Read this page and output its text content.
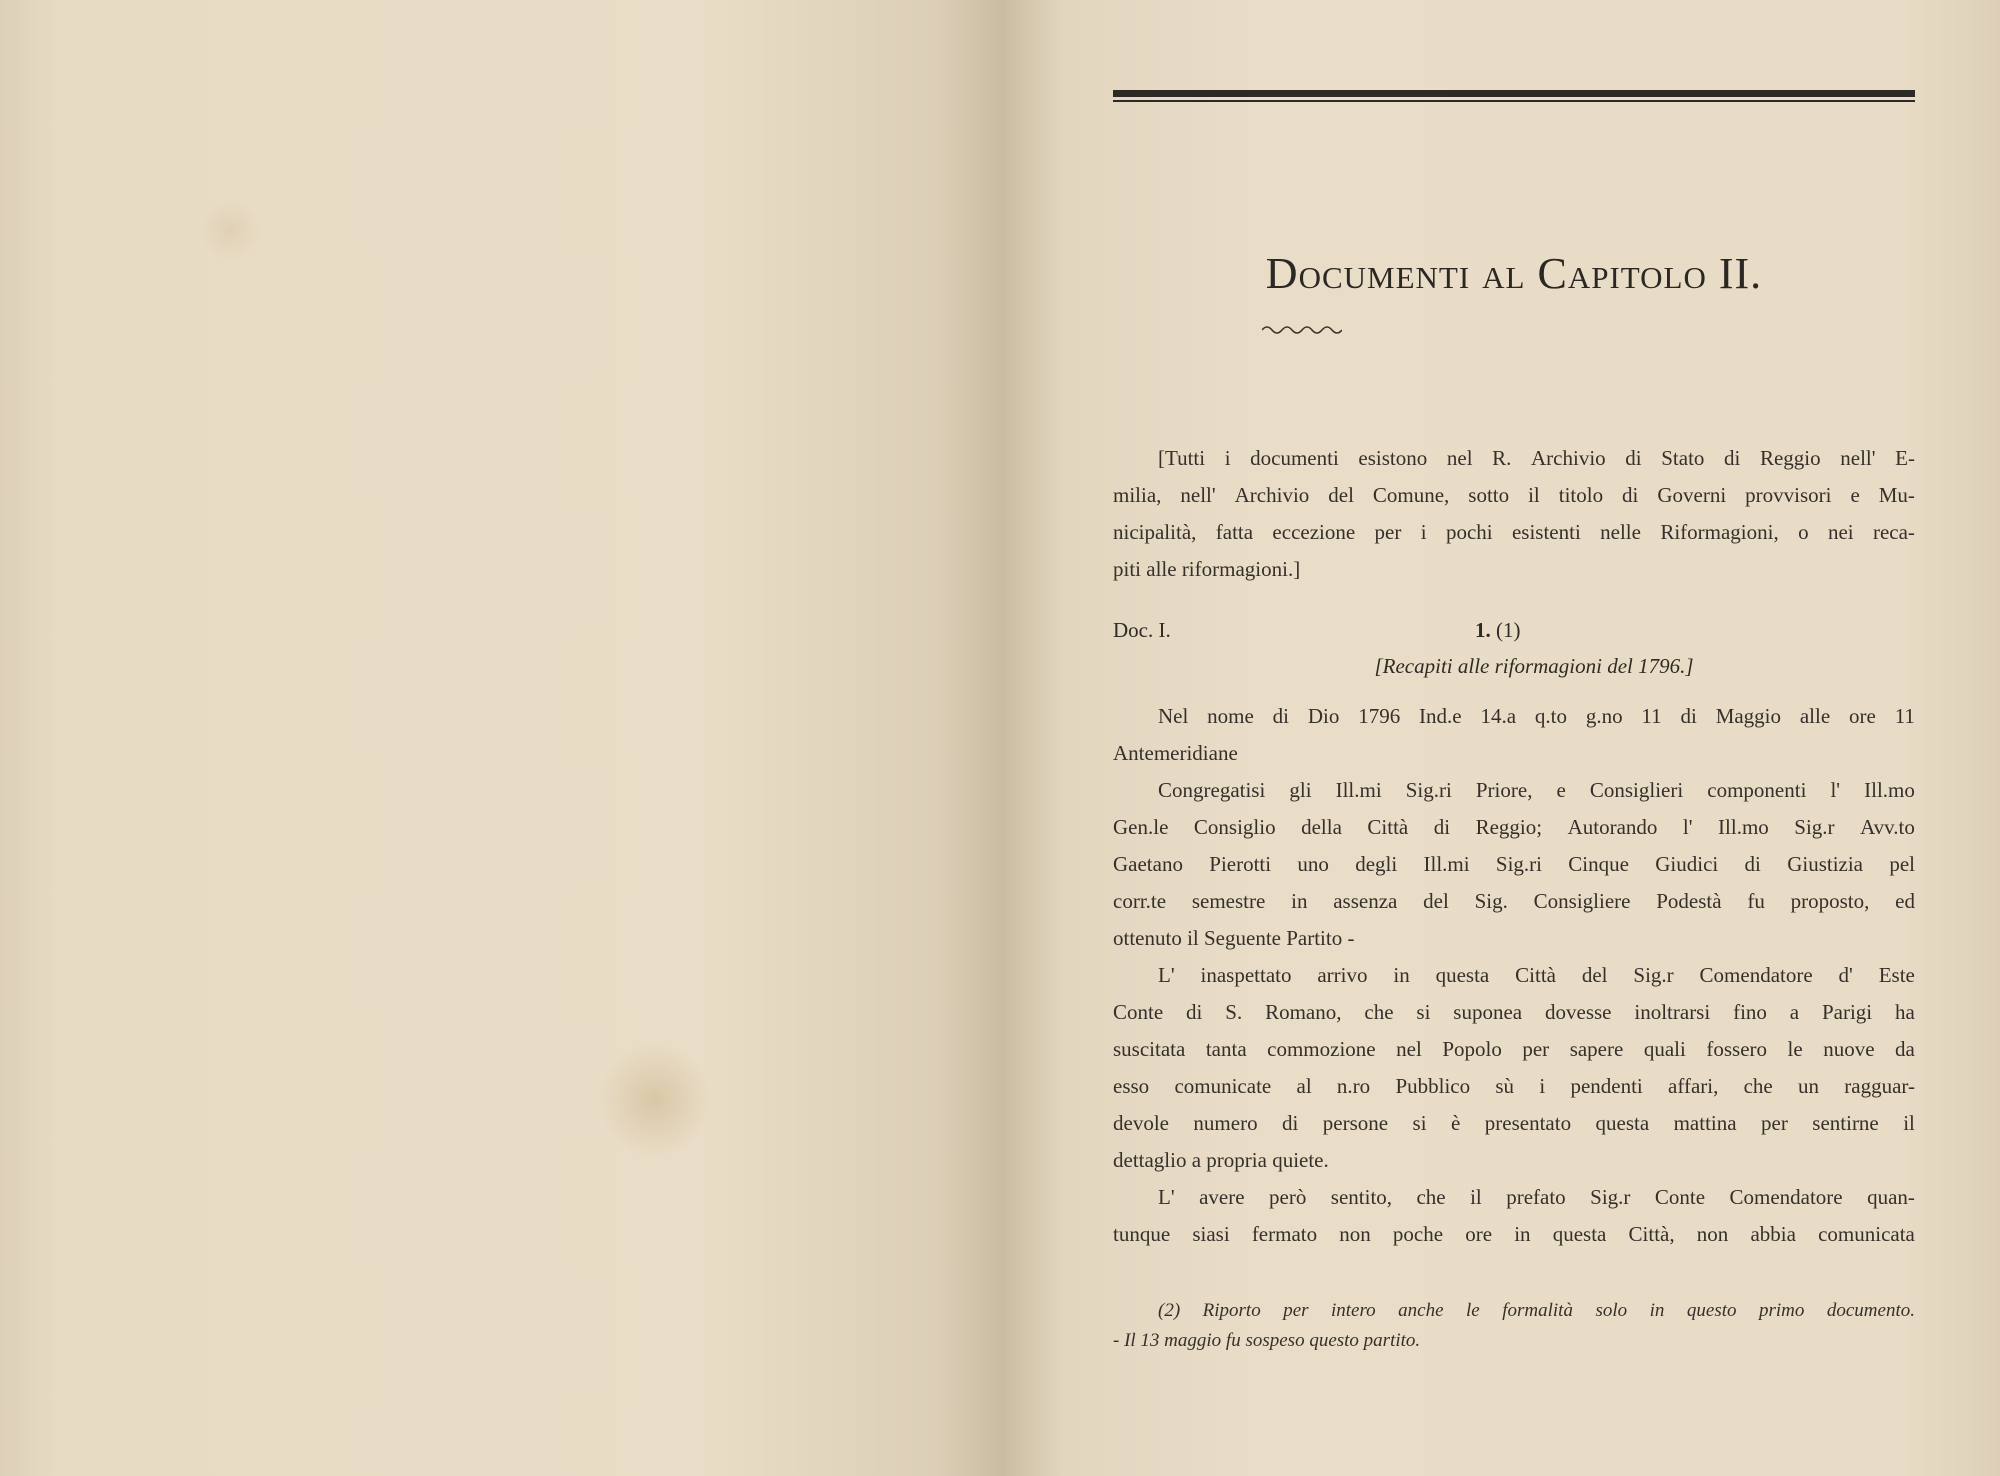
Documenti al Capitolo II.
[Tutti i documenti esistono nel R. Archivio di Stato di Reggio nell' E-
milia, nell' Archivio del Comune, sotto il titolo di Governi provvisori e Mu-
nicipalità, fatta eccezione per i pochi esistenti nelle Riformagioni, o nei reca-
piti alle riformagioni.]
Doc. I.	1. (1)
[Recapiti alle riformagioni del 1796.]
Nel nome di Dio 1796 Ind.e 14.a q.to g.no 11 di Maggio alle ore 11
Antemeridiane
Congregatisi gli Ill.mi Sig.ri Priore, e Consiglieri componenti l' Ill.mo
Gen.le Consiglio della Città di Reggio; Autorando l' Ill.mo Sig.r Avv.to
Gaetano Pierotti uno degli Ill.mi Sig.ri Cinque Giudici di Giustizia pel
corr.te semestre in assenza del Sig. Consigliere Podestà fu proposto, ed
ottenuto il Seguente Partito -
L' inaspettato arrivo in questa Città del Sig.r Comendatore d' Este
Conte di S. Romano, che si suponea dovesse inoltrarsi fino a Parigi ha
suscitata tanta commozione nel Popolo per sapere quali fossero le nuove da
esso comunicate al n.ro Pubblico sù i pendenti affari, che un ragguar-
devole numero di persone si è presentato questa mattina per sentirne il
dettaglio a propria quiete.
L' avere però sentito, che il prefato Sig.r Conte Comendatore quan-
tunque siasi fermato non poche ore in questa Città, non abbia comunicata
(2) Riporto per intero anche le formalità solo in questo primo documento.
- Il 13 maggio fu sospeso questo partito.
